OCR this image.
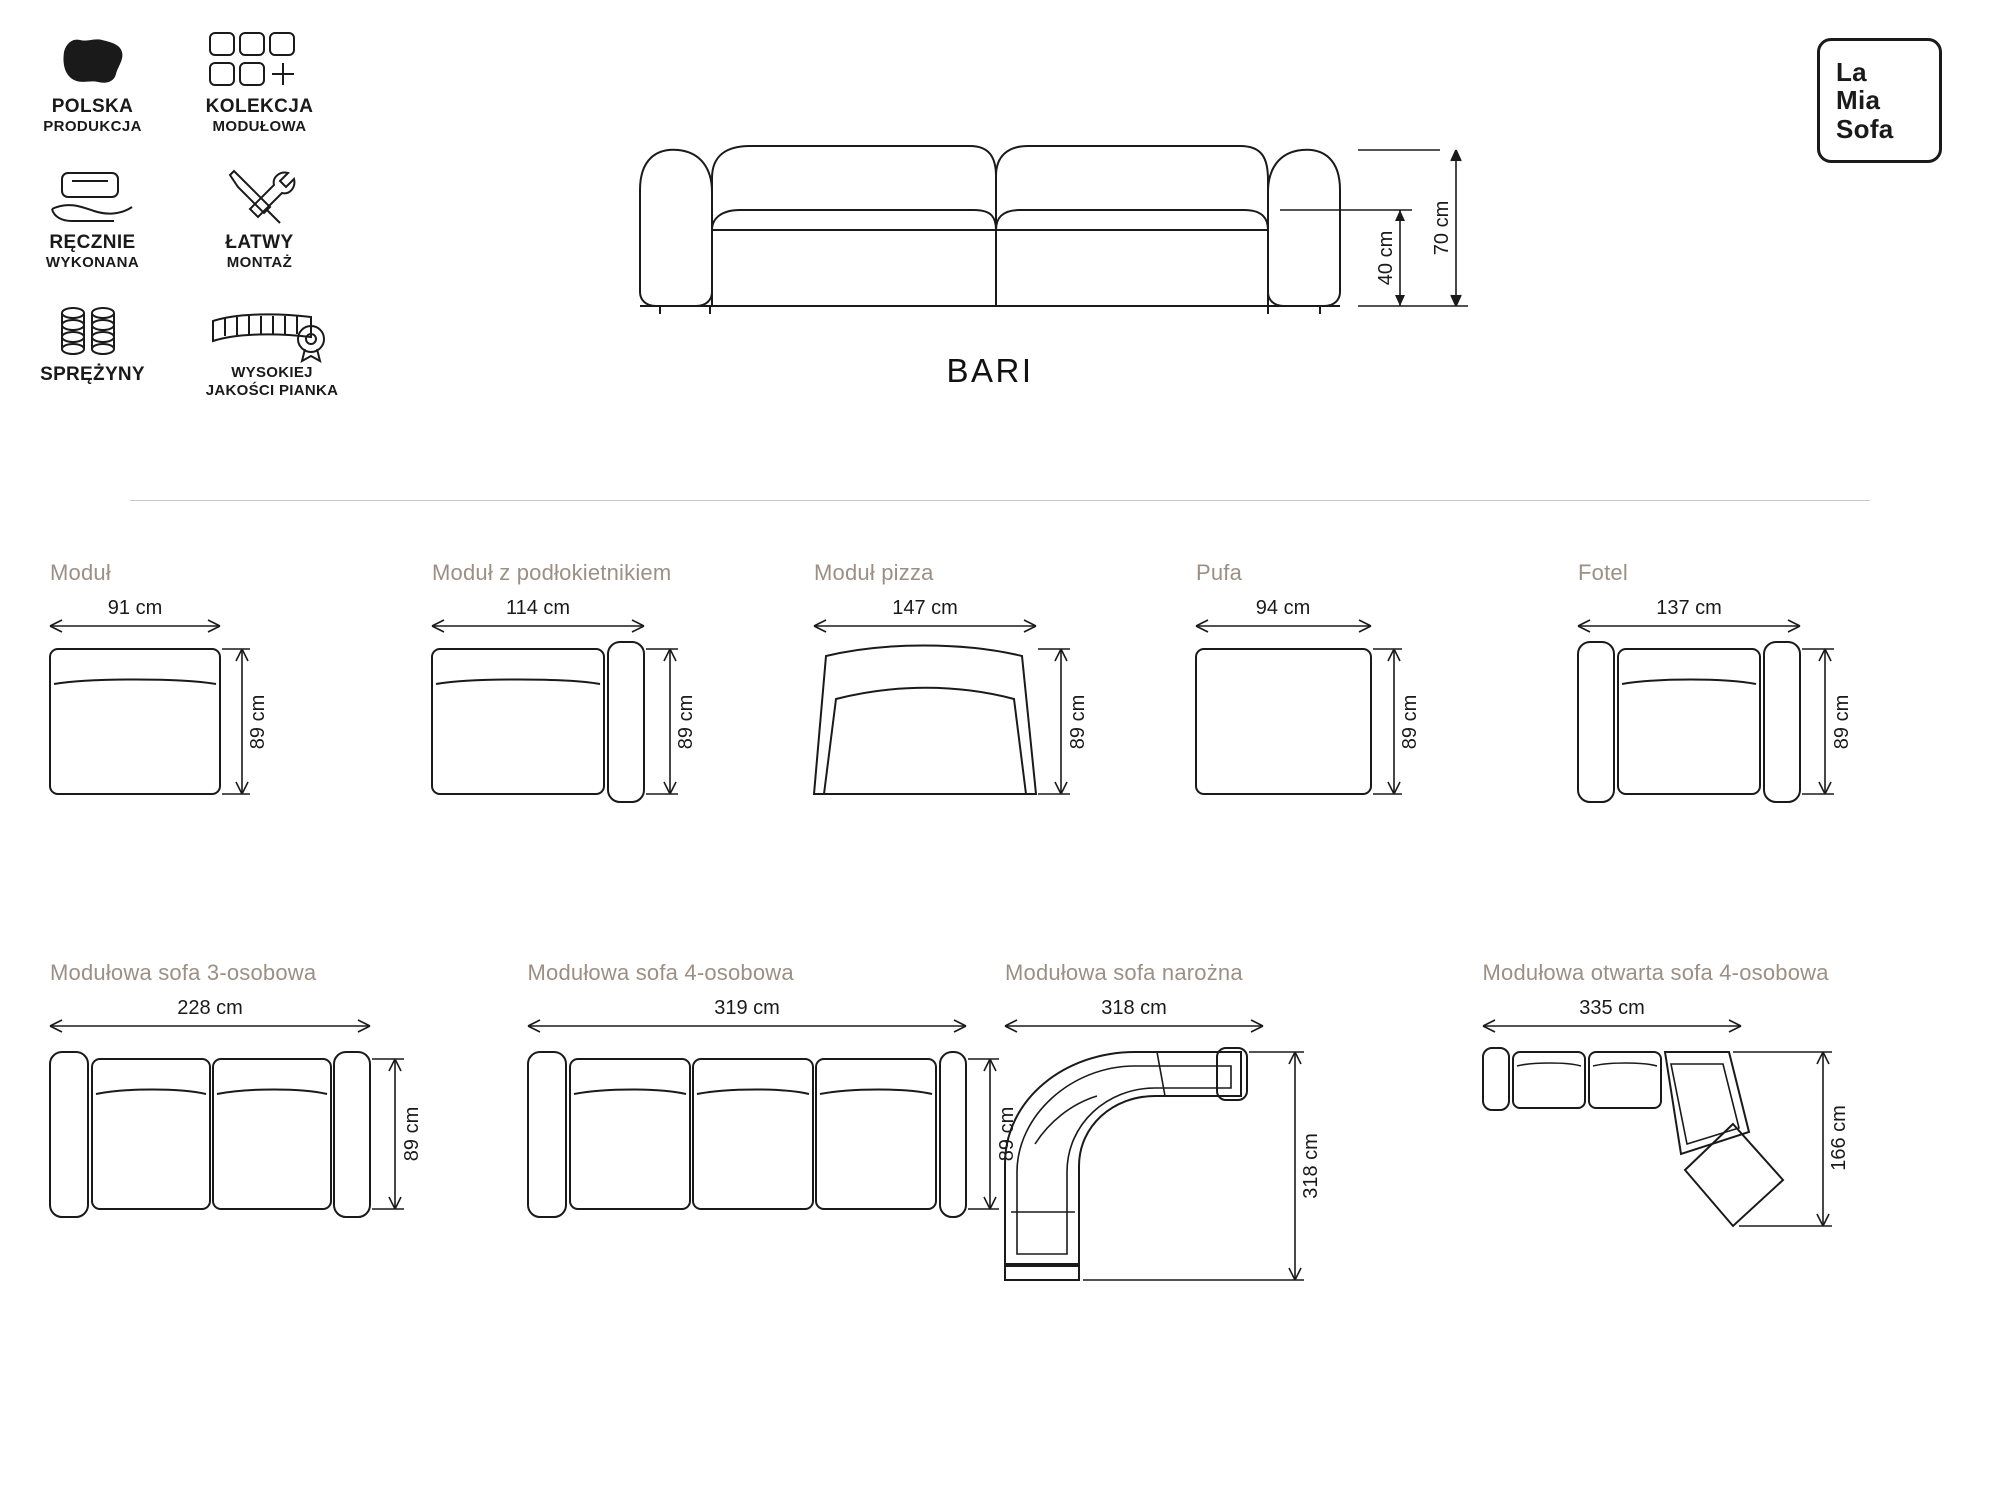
POLSKA
PRODUKCJA
KOLEKCJA
MODUŁOWA
RĘCZNIE
WYKONANA
ŁATWY
MONTAŻ
SPRĘŻYNY	WYSOKIEJ
JAKOŚCI PIANKA
70 cm
40 cm
BARI
La
Mia
Sofa
Moduł
91 cm
89 cm
Moduł z podłokietnikiem
114 cm
89 cm
Moduł pizza
147 cm
89 cm
Pufa
94 cm
89 cm
Fotel
137 cm
89 cm
Modułowa sofa 3-osobowa
228 cm
89 cm
Modułowa sofa 4-osobowa
319 cm
89 cm
Modułowa sofa narożna
318 cm
318 cm
Modułowa otwarta sofa 4-osobowa
335 cm
166 cm
